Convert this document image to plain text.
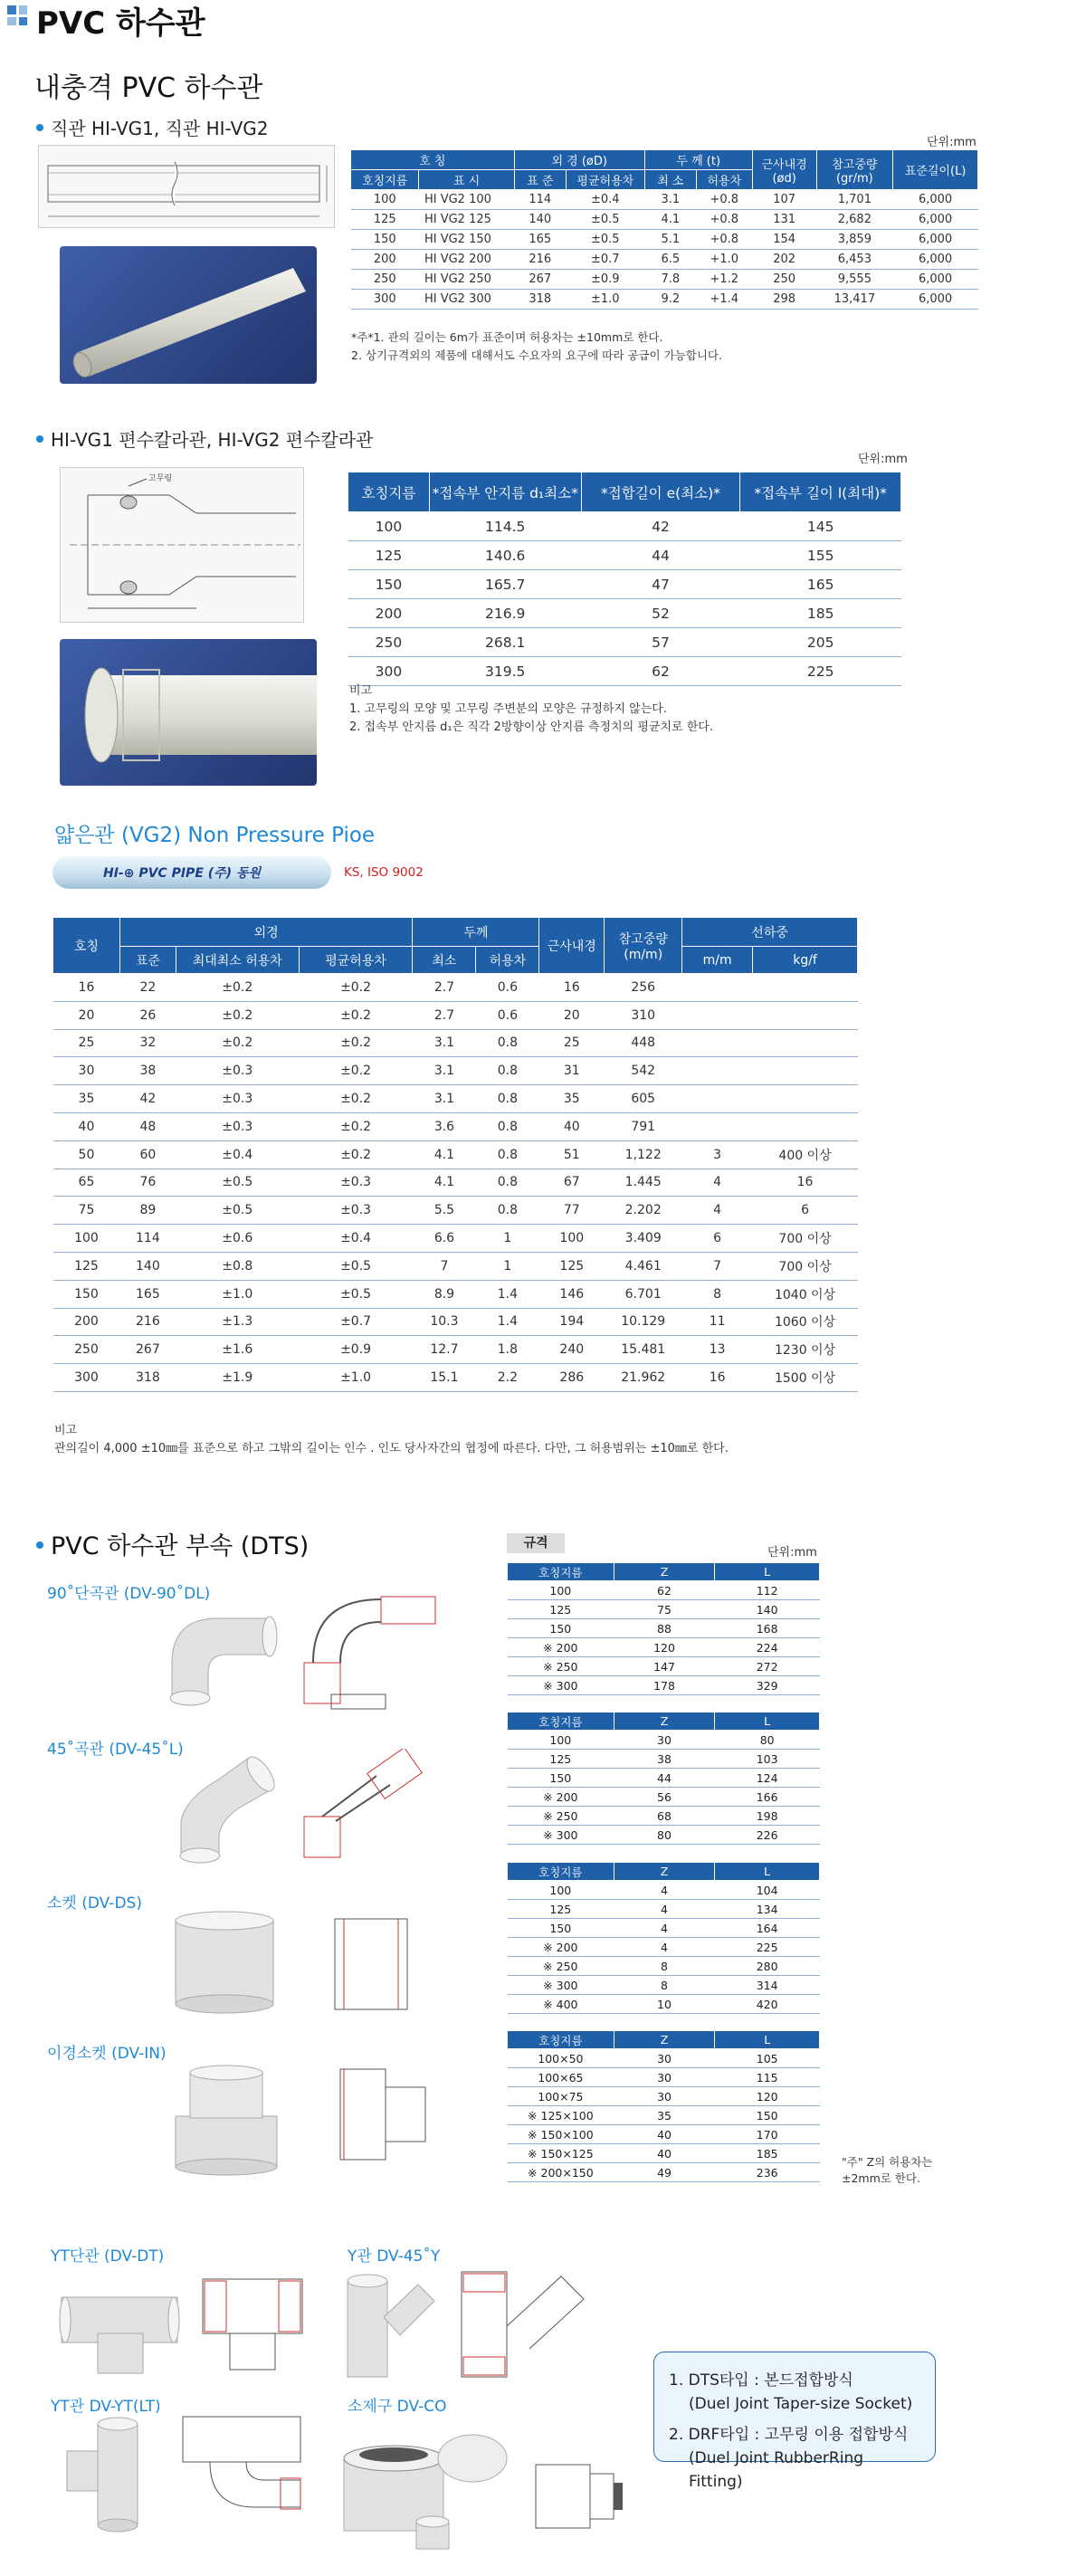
PVC 하수관
내충격 PVC 하수관
직관 HI-VG1, 직관 HI-VG2
단위:mm
호 칭		외 경 (øD)		두 께 (t)		근사내경 (ød)	참고중량 (gr/m)	표준길이(L)
호칭지름	표 시	표 준	평균허용차	최 소	허용차			
100	HI VG2 100	114	±0.4	3.1	+0.8	107	1,701	6,000
125	HI VG2 125	140	±0.5	4.1	+0.8	131	2,682	6,000
150	HI VG2 150	165	±0.5	5.1	+0.8	154	3,859	6,000
200	HI VG2 200	216	±0.7	6.5	+1.0	202	6,453	6,000
250	HI VG2 250	267	±0.9	7.8	+1.2	250	9,555	6,000
300	HI VG2 300	318	±1.0	9.2	+1.4	298	13,417	6,000
*주*1. 관의 길이는 6m가 표준이며 허용차는 ±10mm로 한다.
2. 상기규격외의 제품에 대해서도 수요자의 요구에 따라 공급이 가능합니다.
HI-VG1 편수칼라관, HI-VG2 편수칼라관
단위:mm
고무링
호칭지름	*접속부 안지름 d₁최소*	*접합길이 e(최소)*	*접속부 길이 l(최대)*
100	114.5	42	145
125	140.6	44	155
150	165.7	47	165
200	216.9	52	185
250	268.1	57	205
300	319.5	62	225
비고
1. 고무링의 모양 및 고무링 주변분의 모양은 규정하지 않는다.
2. 접속부 안지름 d₁은 직각 2방향이상 안지름 측정치의 평균치로 한다.
얇은관 (VG2) Non Pressure Pioe
HI-⊕ PVC PIPE (주) 동원	KS, ISO 9002
호칭	외경			두께		근사내경	참고중량 (m/m)	선하중	
	표준	최대최소 허용차	평균허용차	최소	허용차			m/m	kg/f
16	22	±0.2	±0.2	2.7	0.6	16	256		
20	26	±0.2	±0.2	2.7	0.6	20	310		
25	32	±0.2	±0.2	3.1	0.8	25	448		
30	38	±0.3	±0.2	3.1	0.8	31	542		
35	42	±0.3	±0.2	3.1	0.8	35	605		
40	48	±0.3	±0.2	3.6	0.8	40	791		
50	60	±0.4	±0.2	4.1	0.8	51	1,122	3	400 이상
65	76	±0.5	±0.3	4.1	0.8	67	1.445	4	16
75	89	±0.5	±0.3	5.5	0.8	77	2.202	4	6
100	114	±0.6	±0.4	6.6	1	100	3.409	6	700 이상
125	140	±0.8	±0.5	7	1	125	4.461	7	700 이상
150	165	±1.0	±0.5	8.9	1.4	146	6.701	8	1040 이상
200	216	±1.3	±0.7	10.3	1.4	194	10.129	11	1060 이상
250	267	±1.6	±0.9	12.7	1.8	240	15.481	13	1230 이상
300	318	±1.9	±1.0	15.1	2.2	286	21.962	16	1500 이상
비고
관의길이 4,000 ±10㎜를 표준으로 하고 그밖의 길이는 인수 . 인도 당사자간의 협정에 따른다. 다만, 그 허용범위는 ±10㎜로 한다.
PVC 하수관 부속 (DTS)	규격
단위:mm
90˚단곡관 (DV-90˚DL)
45˚곡관 (DV-45˚L)
소켓 (DV-DS)
이경소켓 (DV-IN)
YT단관 (DV-DT)	Y관 DV-45˚Y
YT관 DV-YT(LT)	소제구 DV-CO
호칭지름	Z	L
100	62	112
125	75	140
150	88	168
※ 200	120	224
※ 250	147	272
※ 300	178	329
호칭지름	Z	L
100	30	80
125	38	103
150	44	124
※ 200	56	166
※ 250	68	198
※ 300	80	226
호칭지름	Z	L
100	4	104
125	4	134
150	4	164
※ 200	4	225
※ 250	8	280
※ 300	8	314
※ 400	10	420
호칭지름	Z	L
100×50	30	105
100×65	30	115
100×75	30	120
※ 125×100	35	150
※ 150×100	40	170
※ 150×125	40	185
※ 200×150	49	236
"주" Z의 허용차는
±2mm로 한다.
1. DTS타입 : 본드접합방식
(Duel Joint Taper-size Socket)
2. DRF타입 : 고무링 이용 접합방식
(Duel Joint RubberRing Fitting)
